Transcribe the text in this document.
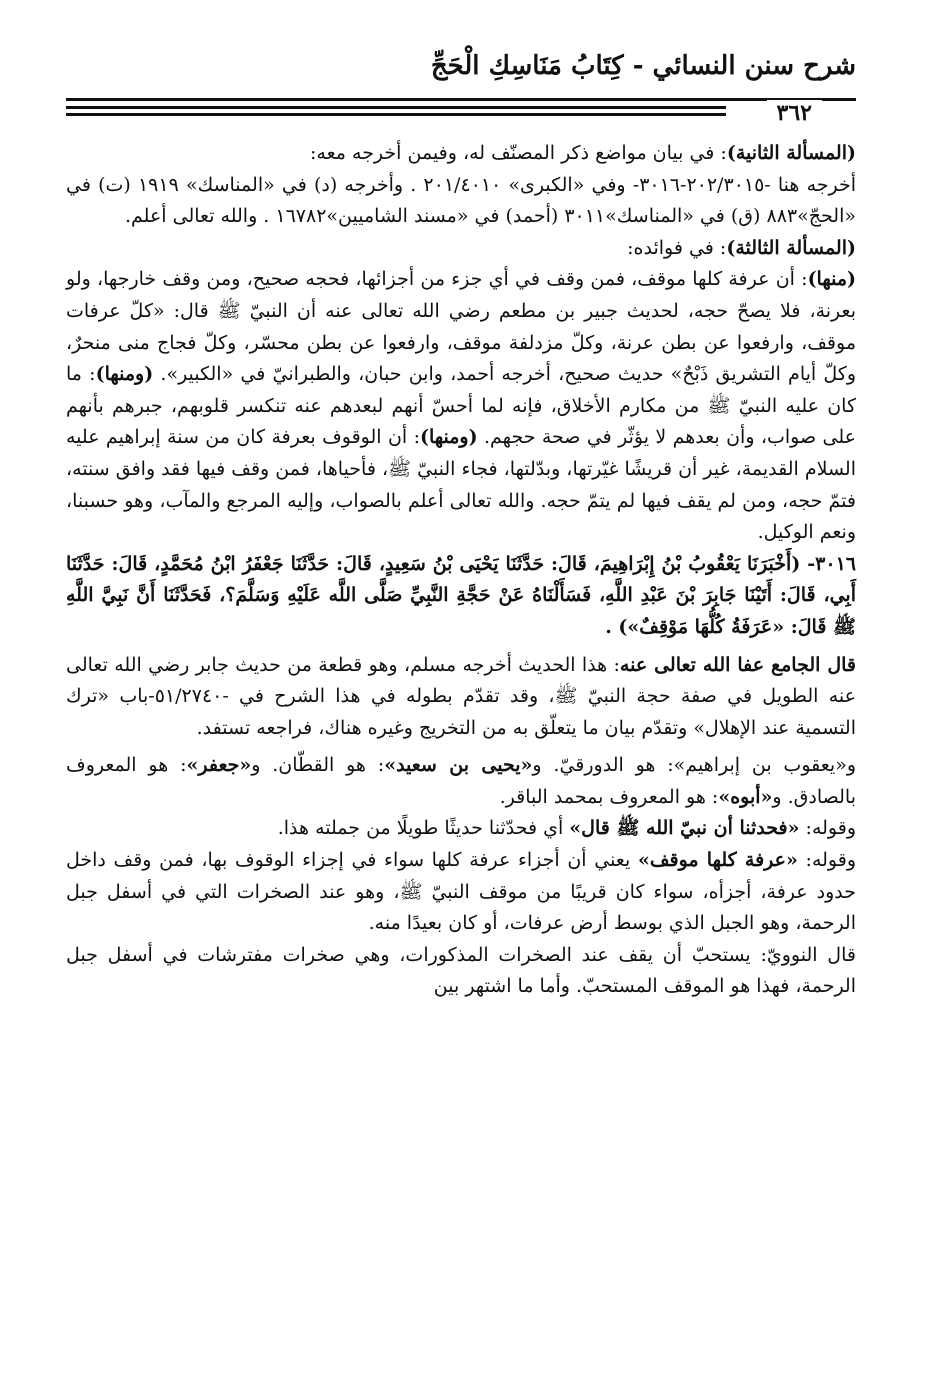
شرح سنن النسائي - كِتَابُ مَنَاسِكِ الْحَجِّ
٣٦٢

(المسألة الثانية): في بيان مواضع ذكر المصنّف له، وفيمن أخرجه معه:

أخرجه هنا -٢٠٢/٣٠١٥-٣٠١٦- وفي «الكبرى» ٢٠١/٤٠١٠ . وأخرجه (د) في «المناسك» ١٩١٩ (ت) في «الحجّ»٨٨٣ (ق) في «المناسك»٣٠١١ (أحمد) في «مسند الشاميين»١٦٧٨٢ . والله تعالى أعلم.

(المسألة الثالثة): في فوائده:

(منها): أن عرفة كلها موقف، فمن وقف في أي جزء من أجزائها، فحجه صحيح، ومن وقف خارجها، ولو بعرنة، فلا يصحّ حجه، لحديث جبير بن مطعم رضي الله تعالى عنه أن النبيّ ﷺ قال: «كلّ عرفات موقف، وارفعوا عن بطن عرنة، وكلّ مزدلفة موقف، وارفعوا عن بطن محسّر، وكلّ فجاج منى منحرٌ، وكلّ أيام التشريق ذَبْحٌ» حديث صحيح، أخرجه أحمد، وابن حبان، والطبرانيّ في «الكبير». (ومنها): ما كان عليه النبيّ ﷺ من مكارم الأخلاق، فإنه لما أحسّ أنهم لبعدهم عنه تنكسر قلوبهم، جبرهم بأنهم على صواب، وأن بعدهم لا يؤثّر في صحة حجهم. (ومنها): أن الوقوف بعرفة كان من سنة إبراهيم عليه السلام القديمة، غير أن قريشًا غيّرتها، وبدّلتها، فجاء النبيّ ﷺ، فأحياها، فمن وقف فيها فقد وافق سنته، فتمّ حجه، ومن لم يقف فيها لم يتمّ حجه. والله تعالى أعلم بالصواب، وإليه المرجع والمآب، وهو حسبنا، ونعم الوكيل.

٣٠١٦- (أَخْبَرَنَا يَعْقُوبُ بْنُ إِبْرَاهِيمَ، قَالَ: حَدَّثَنَا يَحْيَى بْنُ سَعِيدٍ، قَالَ: حَدَّثَنَا جَعْفَرُ ابْنُ مُحَمَّدٍ، قَالَ: حَدَّثَنَا أَبِي، قَالَ: أَتَيْنَا جَابِرَ بْنَ عَبْدِ اللَّهِ، فَسَأَلْنَاهُ عَنْ حَجَّةِ النَّبِيِّ صَلَّى اللَّه عَلَيْهِ وَسَلَّمَ؟، فَحَدَّثَنَا أَنَّ نَبِيَّ اللَّهِ ﷺ قَالَ: «عَرَفَةُ كُلُّهَا مَوْقِفٌ») .

قال الجامع عفا الله تعالى عنه: هذا الحديث أخرجه مسلم، وهو قطعة من حديث جابر رضي الله تعالى عنه الطويل في صفة حجة النبيّ ﷺ، وقد تقدّم بطوله في هذا الشرح في -٥١/٢٧٤٠-باب «ترك التسمية عند الإهلال» وتقدّم بيان ما يتعلّق به من التخريج وغيره هناك، فراجعه تستفد.

و«يعقوب بن إبراهيم»: هو الدورقيّ. و«يحيى بن سعيد»: هو القطّان. و«جعفر»: هو المعروف بالصادق. و«أبوه»: هو المعروف بمحمد الباقر.

وقوله: «فحدثنا أن نبيّ الله ﷺ قال» أي فحدّثنا حديثًا طويلًا من جملته هذا.

وقوله: «عرفة كلها موقف» يعني أن أجزاء عرفة كلها سواء في إجزاء الوقوف بها، فمن وقف داخل حدود عرفة، أجزأه، سواء كان قريبًا من موقف النبيّ ﷺ، وهو عند الصخرات التي في أسفل جبل الرحمة، وهو الجبل الذي بوسط أرض عرفات، أو كان بعيدًا منه.

قال النوويّ: يستحبّ أن يقف عند الصخرات المذكورات، وهي صخرات مفترشات في أسفل جبل الرحمة، فهذا هو الموقف المستحبّ. وأما ما اشتهر بين
